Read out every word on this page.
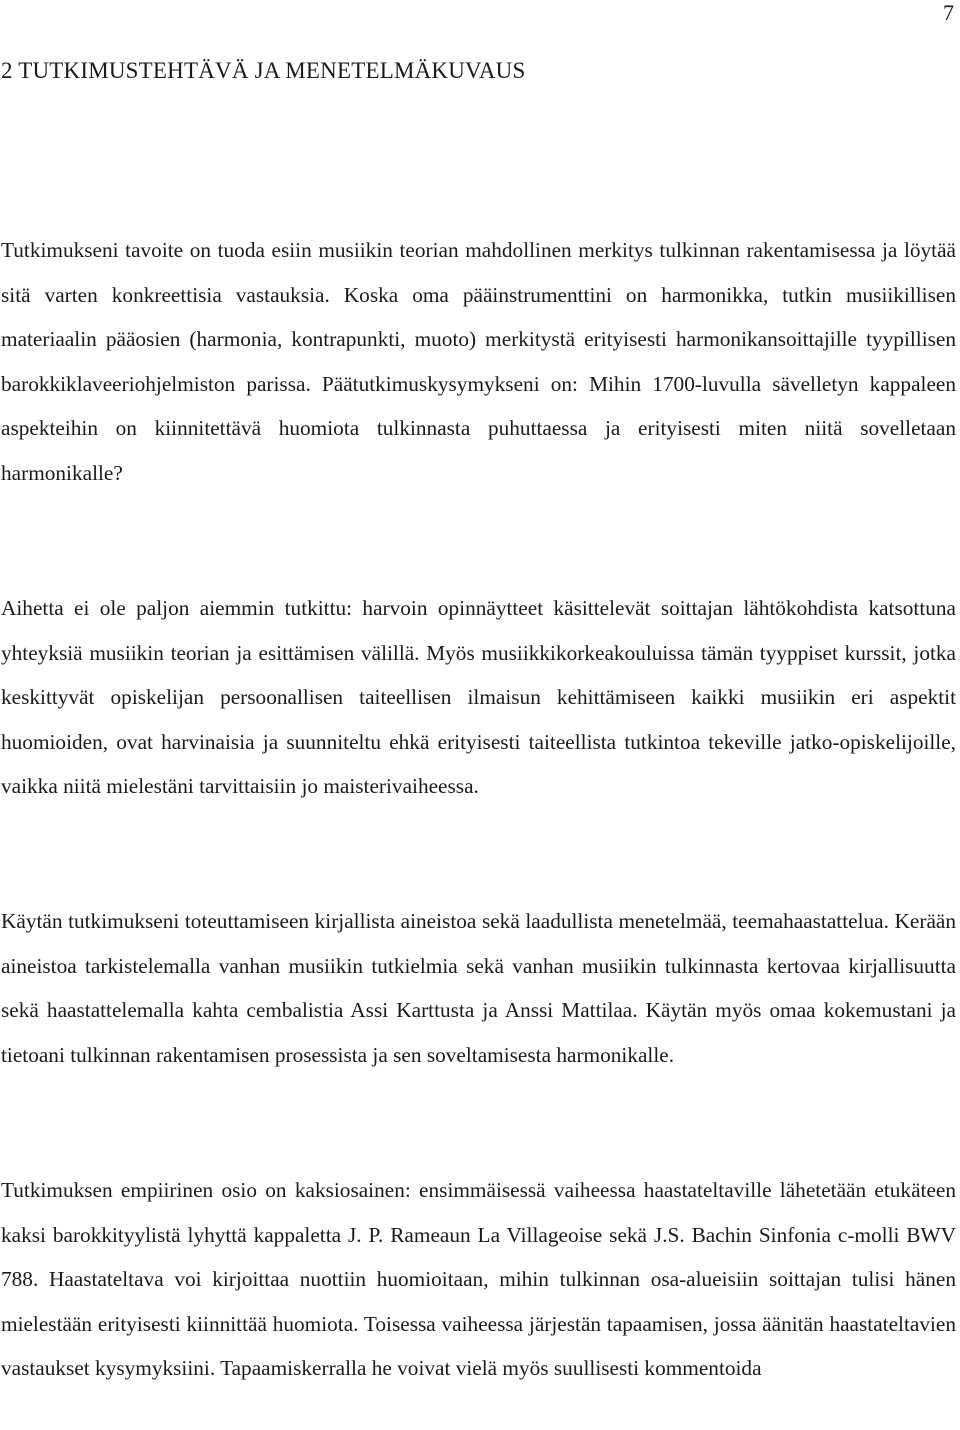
7
2 TUTKIMUSTEHTÄVÄ JA MENETELMÄKUVAUS

Tutkimukseni tavoite on tuoda esiin musiikin teorian mahdollinen merkitys tulkinnan rakentamisessa ja löytää sitä varten konkreettisia vastauksia. Koska oma pääinstrumenttini on harmonikka, tutkin musiikillisen materiaalin pääosien (harmonia, kontrapunkti, muoto) merkitystä erityisesti harmonikansoittajille tyypillisen barokkiklaveeriohjelmiston parissa. Päätutkimuskysymykseni on: Mihin 1700-luvulla sävelletyn kappaleen aspekteihin on kiinnitettävä huomiota tulkinnasta puhuttaessa ja erityisesti miten niitä sovelletaan harmonikalle?

Aihetta ei ole paljon aiemmin tutkittu: harvoin opinnäytteet käsittelevät soittajan lähtökohdista katsottuna yhteyksiä musiikin teorian ja esittämisen välillä. Myös musiikkikorkeakouluissa tämän tyyppiset kurssit, jotka keskittyvät opiskelijan persoonallisen taiteellisen ilmaisun kehittämiseen kaikki musiikin eri aspektit huomioiden, ovat harvinaisia ja suunniteltu ehkä erityisesti taiteellista tutkintoa tekeville jatko-opiskelijoille, vaikka niitä mielestäni tarvittaisiin jo maisterivaiheessa.

Käytän tutkimukseni toteuttamiseen kirjallista aineistoa sekä laadullista menetelmää, teemahaastattelua. Kerään aineistoa tarkistelemalla vanhan musiikin tutkielmia sekä vanhan musiikin tulkinnasta kertovaa kirjallisuutta sekä haastattelemalla kahta cembalistia Assi Karttusta ja Anssi Mattilaa. Käytän myös omaa kokemustani ja tietoani tulkinnan rakentamisen prosessista ja sen soveltamisesta harmonikalle.

Tutkimuksen empiirinen osio on kaksiosainen: ensimmäisessä vaiheessa haastateltaville lähetetään etukäteen kaksi barokkityylistä lyhyttä kappaletta J. P. Rameaun La Villageoise sekä J.S. Bachin Sinfonia c-molli BWV 788. Haastateltava voi kirjoittaa nuottiin huomioitaan, mihin tulkinnan osa-alueisiin soittajan tulisi hänen mielestään erityisesti kiinnittää huomiota. Toisessa vaiheessa järjestän tapaamisen, jossa äänitän haastateltavien vastaukset kysymyksiini. Tapaamiskerralla he voivat vielä myös suullisesti kommentoida
